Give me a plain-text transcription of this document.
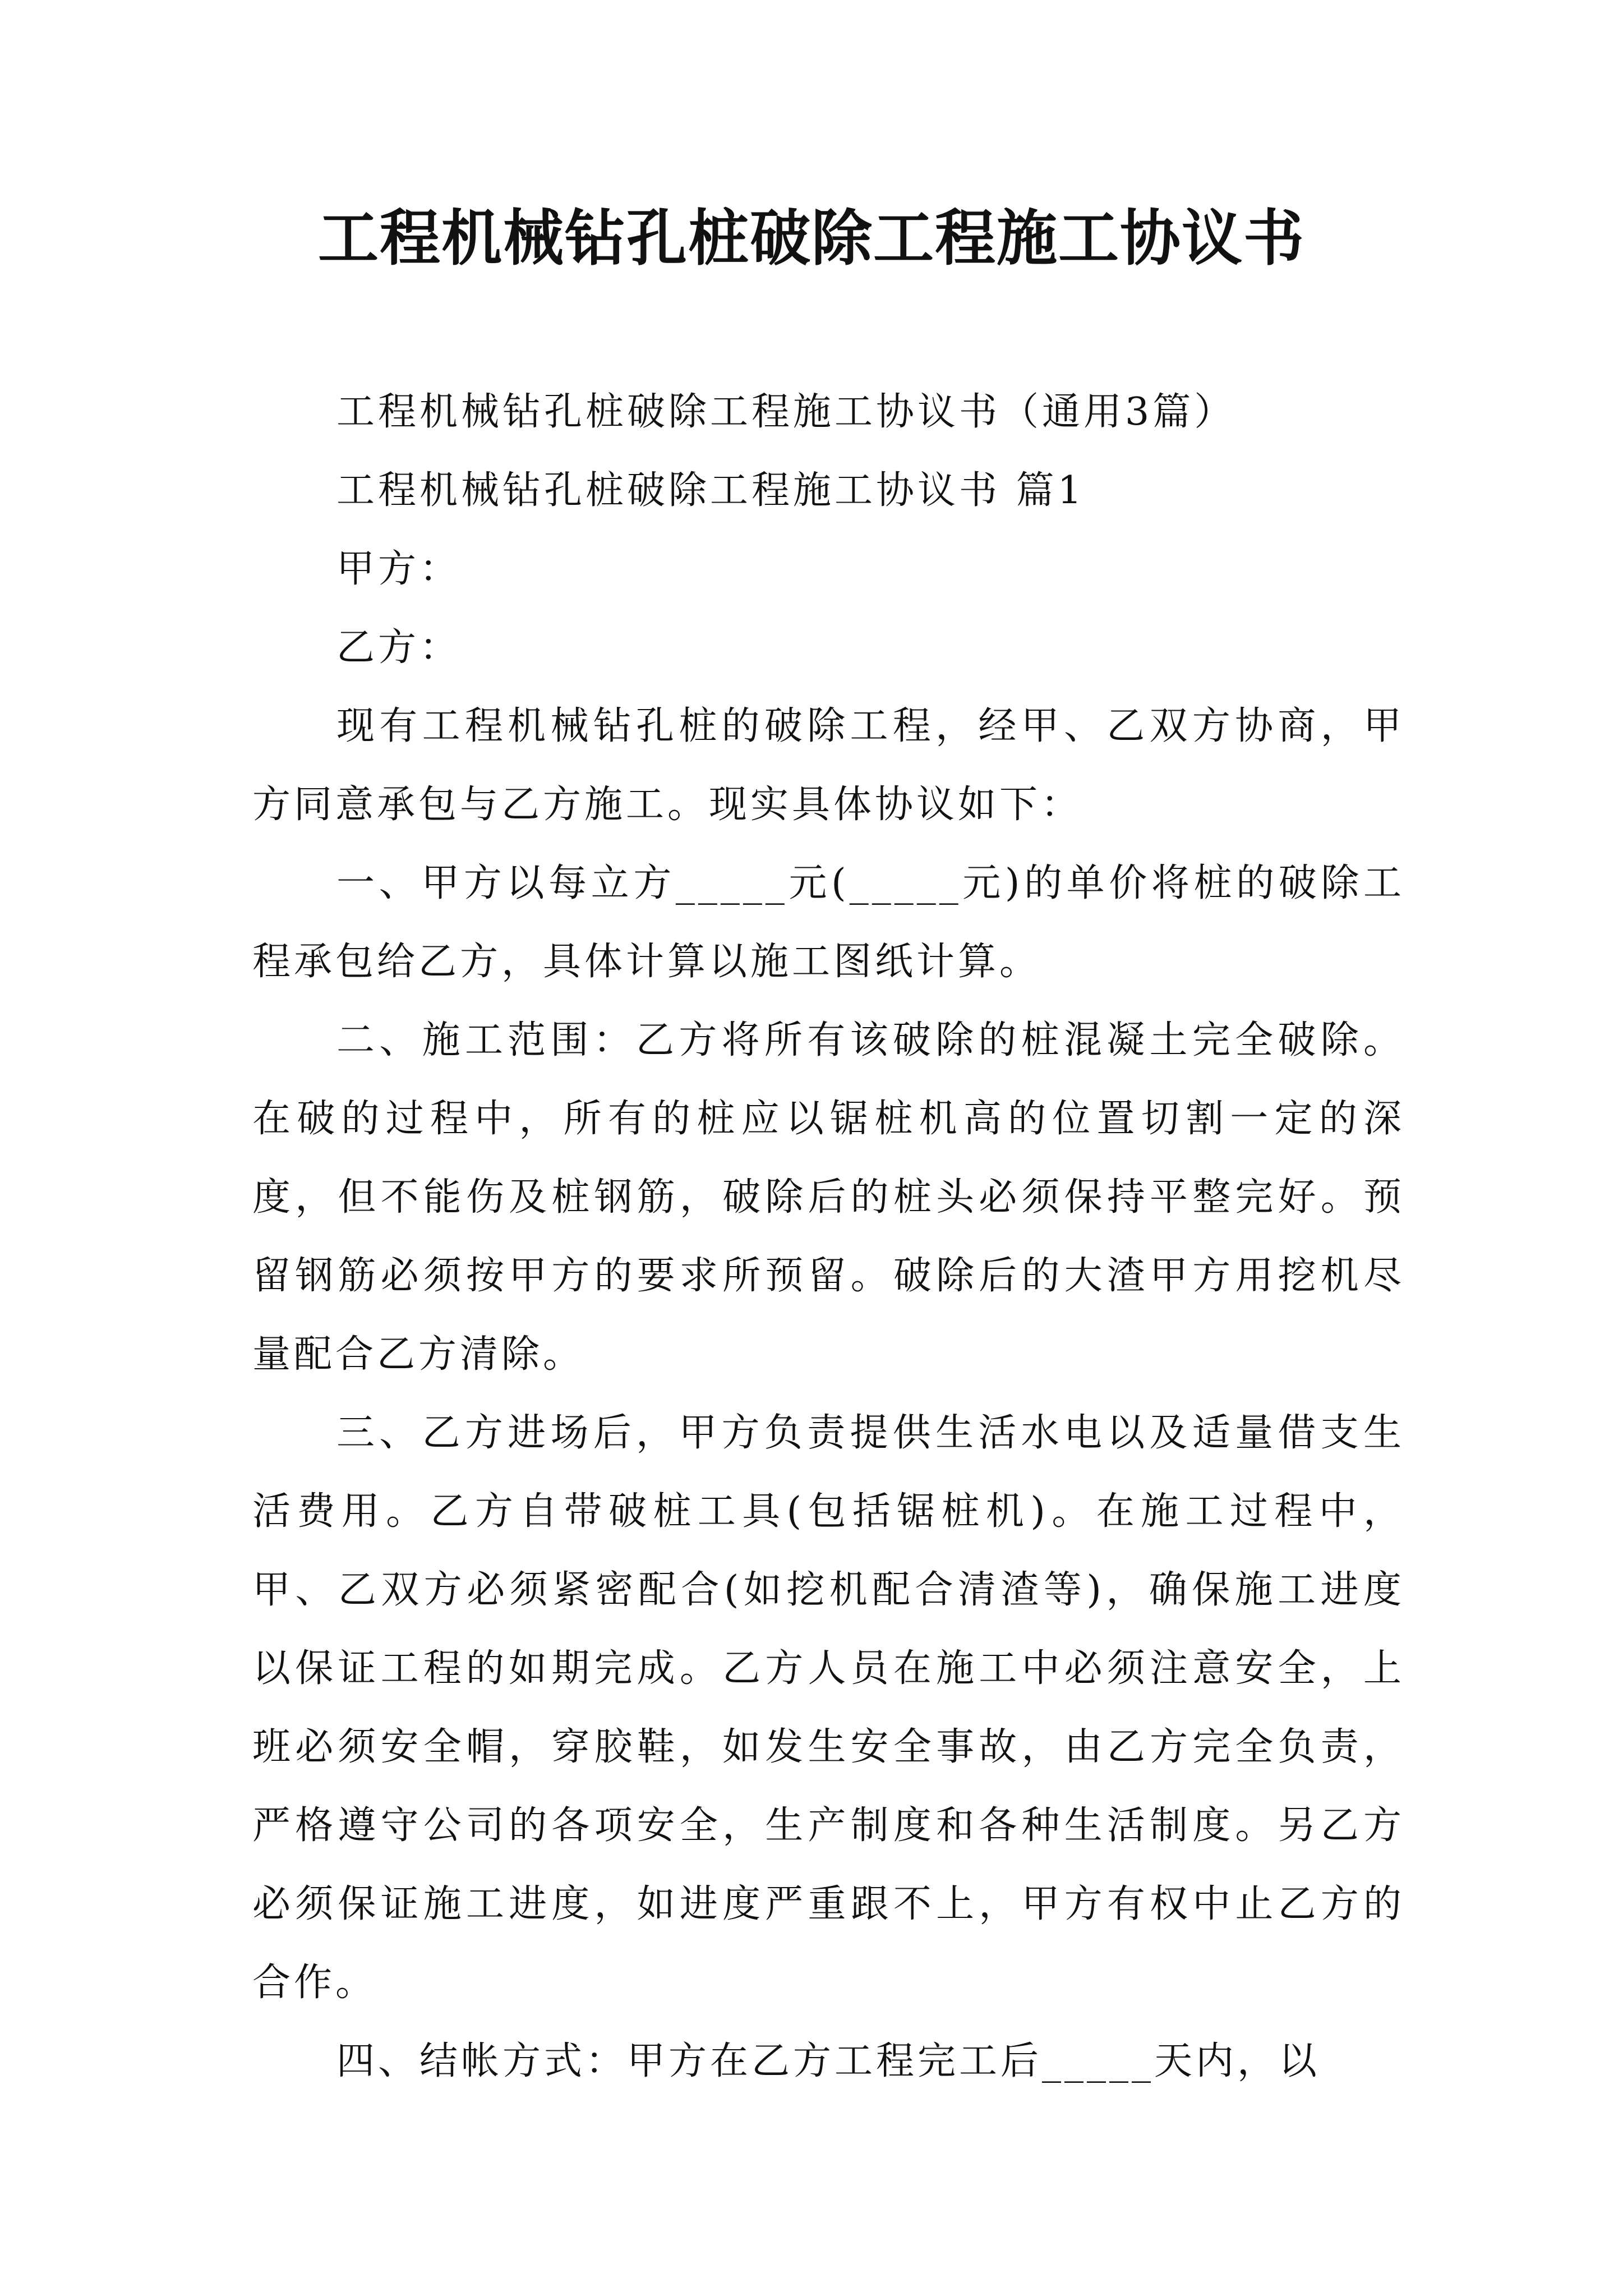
工程机械钻孔桩破除工程施工协议书

工程机械钻孔桩破除工程施工协议书（通用3篇）

工程机械钻孔桩破除工程施工协议书 篇1

甲方：

乙方：

现有工程机械钻孔桩的破除工程，经甲、乙双方协商，甲方同意承包与乙方施工。现实具体协议如下：

一、甲方以每立方_____元(_____元)的单价将桩的破除工程承包给乙方，具体计算以施工图纸计算。

二、施工范围：乙方将所有该破除的桩混凝土完全破除。在破的过程中，所有的桩应以锯桩机高的位置切割一定的深度，但不能伤及桩钢筋，破除后的桩头必须保持平整完好。预留钢筋必须按甲方的要求所预留。破除后的大渣甲方用挖机尽量配合乙方清除。

三、乙方进场后，甲方负责提供生活水电以及适量借支生活费用。乙方自带破桩工具(包括锯桩机)。在施工过程中，甲、乙双方必须紧密配合(如挖机配合清渣等)，确保施工进度以保证工程的如期完成。乙方人员在施工中必须注意安全，上班必须安全帽，穿胶鞋，如发生安全事故，由乙方完全负责，严格遵守公司的各项安全，生产制度和各种生活制度。另乙方必须保证施工进度，如进度严重跟不上，甲方有权中止乙方的合作。

四、结帐方式：甲方在乙方工程完工后_____天内，以
